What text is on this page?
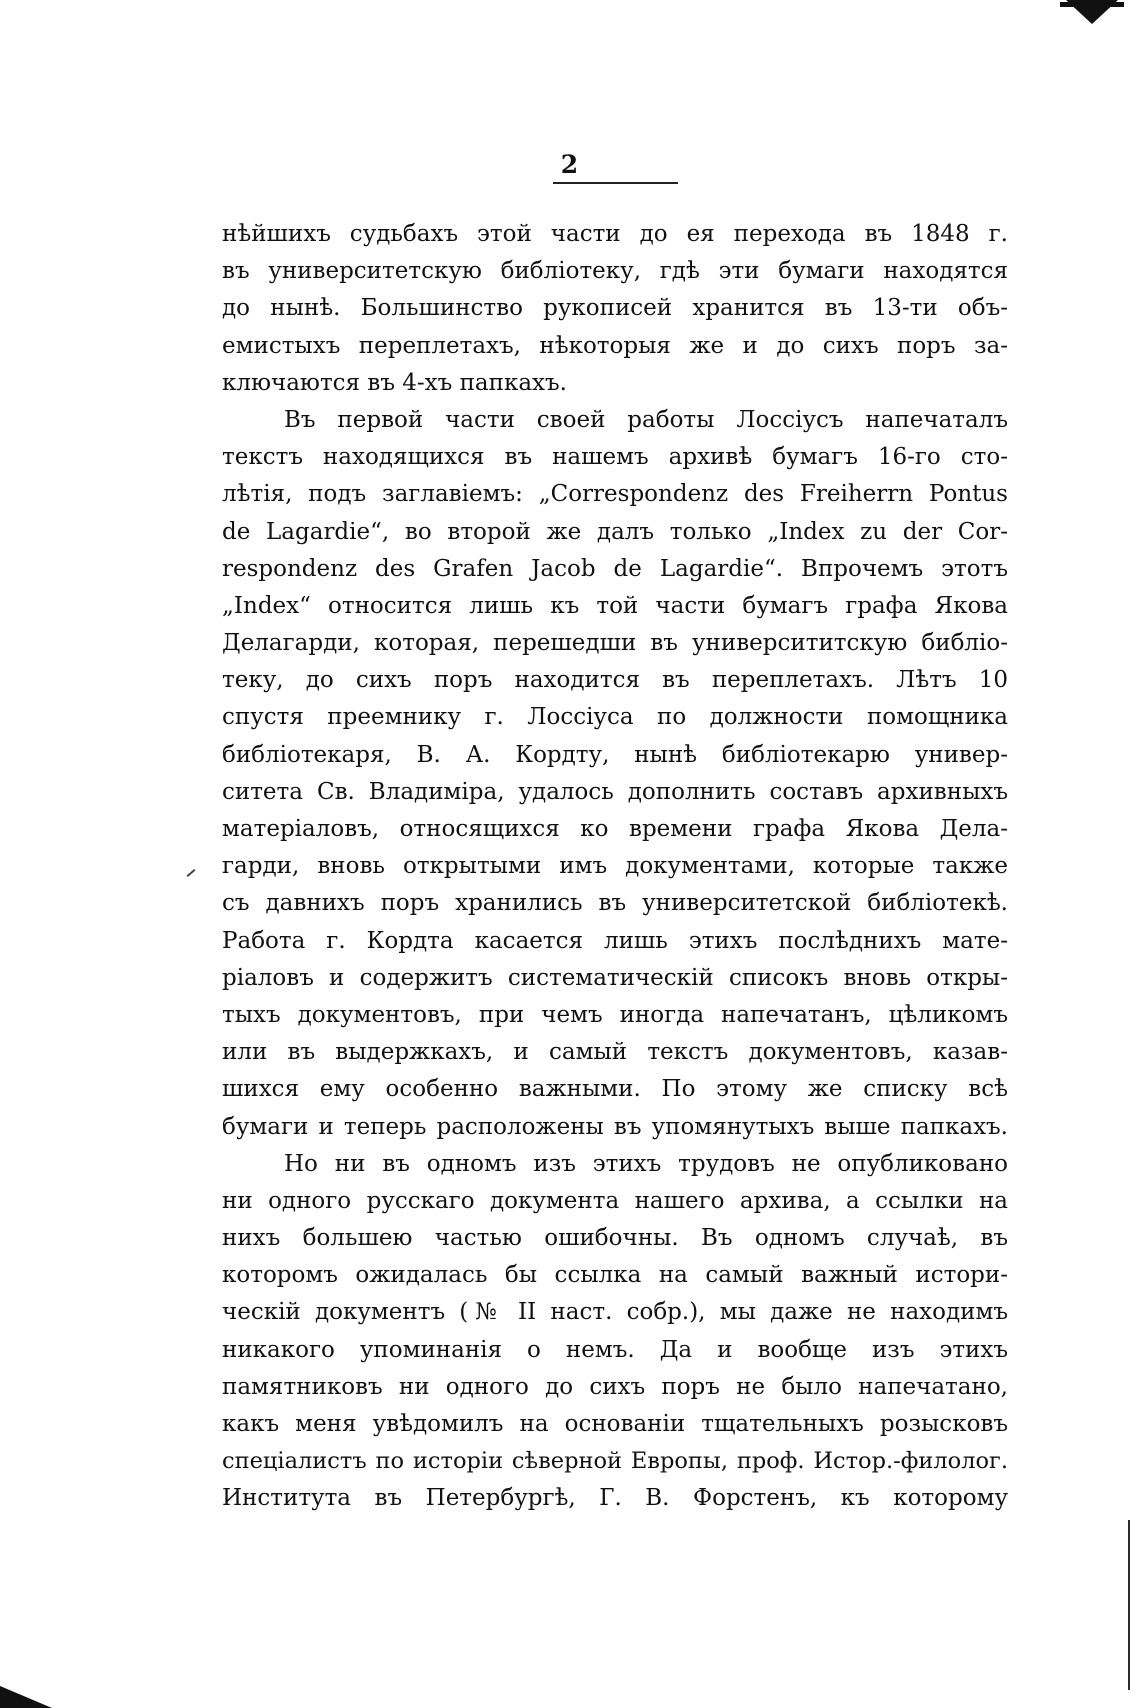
2
нѣйшихъ судьбахъ этой части до ея перехода въ 1848 г.
въ университетскую библіотеку, гдѣ эти бумаги находятся
до нынѣ. Большинство рукописей хранится въ 13-ти объ-
емистыхъ переплетахъ, нѣкоторыя же и до сихъ поръ за-
ключаются въ 4-хъ папкахъ.
Въ первой части своей работы Лоссіусъ напечаталъ
текстъ находящихся въ нашемъ архивѣ бумагъ 16-го сто-
лѣтія, подъ заглавіемъ: „Correspondenz des Freiherrn Pontus
de Lagardie“, во второй же далъ только „Index zu der Cor-
respondenz des Grafen Jacob de Lagardie“. Впрочемъ этотъ
„Index“ относится лишь къ той части бумагъ графа Якова
Делагарди, которая, перешедши въ университитскую библіо-
теку, до сихъ поръ находится въ переплетахъ. Лѣтъ 10
спустя преемнику г. Лоссіуса по должности помощника
библіотекаря, В. А. Кордту, нынѣ библіотекарю универ-
ситета Св. Владиміра, удалось дополнить составъ архивныхъ
матеріаловъ, относящихся ко времени графа Якова Дела-
гарди, вновь открытыми имъ документами, которые также
съ давнихъ поръ хранились въ университетской библіотекѣ.
Работа г. Кордта касается лишь этихъ послѣднихъ мате-
ріаловъ и содержитъ систематическій списокъ вновь откры-
тыхъ документовъ, при чемъ иногда напечатанъ, цѣликомъ
или въ выдержкахъ, и самый текстъ документовъ, казав-
шихся ему особенно важными. По этому же списку всѣ
бумаги и теперь расположены въ упомянутыхъ выше папкахъ.
Но ни въ одномъ изъ этихъ трудовъ не опубликовано
ни одного русскаго документа нашего архива, а ссылки на
нихъ большею частью ошибочны. Въ одномъ случаѣ, въ
которомъ ожидалась бы ссылка на самый важный истори-
ческій документъ (№ II наст. собр.), мы даже не находимъ
никакого упоминанія о немъ. Да и вообще изъ этихъ
памятниковъ ни одного до сихъ поръ не было напечатано,
какъ меня увѣдомилъ на основаніи тщательныхъ розысковъ
спеціалистъ по исторіи сѣверной Европы, проф. Истор.-филолог.
Института въ Петербургѣ, Г. В. Форстенъ, къ которому
